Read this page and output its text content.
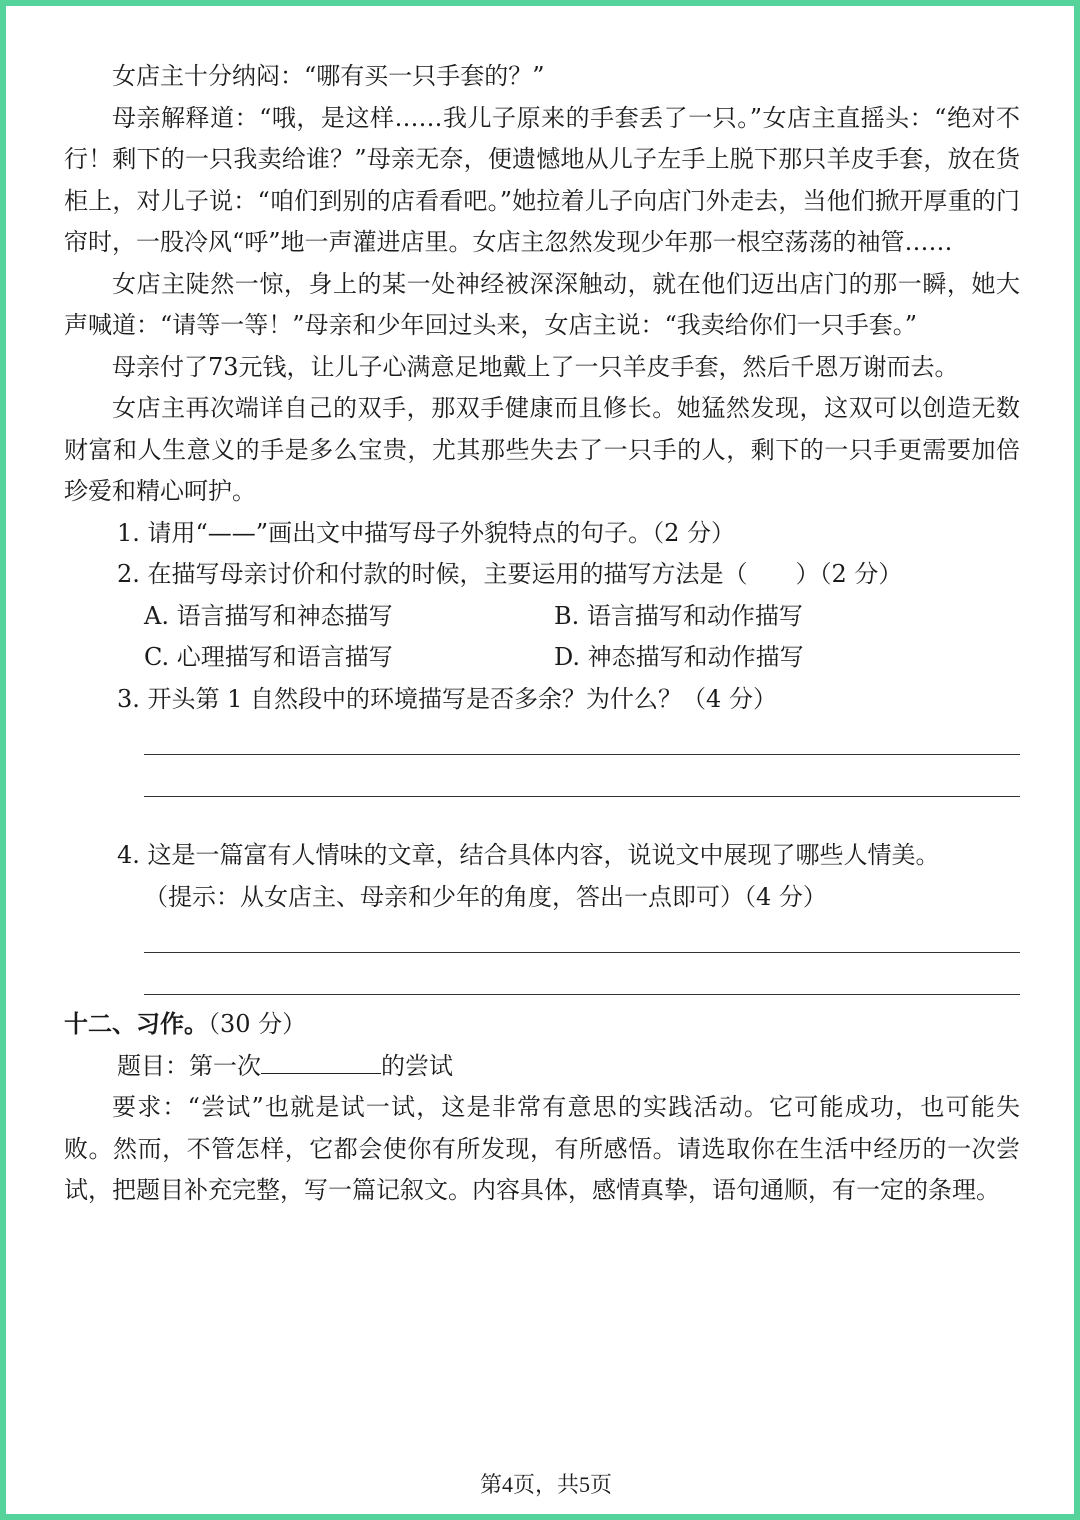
女店主十分纳闷：“哪有买一只手套的？”

母亲解释道：“哦，是这样……我儿子原来的手套丢了一只。”女店主直摇头：“绝对不行！剩下的一只我卖给谁？”母亲无奈，便遗憾地从儿子左手上脱下那只羊皮手套，放在货柜上，对儿子说：“咱们到别的店看看吧。”她拉着儿子向店门外走去，当他们掀开厚重的门帘时，一股冷风“呼”地一声灌进店里。女店主忽然发现少年那一根空荡荡的袖管……

女店主陡然一惊，身上的某一处神经被深深触动，就在他们迈出店门的那一瞬，她大声喊道：“请等一等！”母亲和少年回过头来，女店主说：“我卖给你们一只手套。”

母亲付了73元钱，让儿子心满意足地戴上了一只羊皮手套，然后千恩万谢而去。

女店主再次端详自己的双手，那双手健康而且修长。她猛然发现，这双可以创造无数财富和人生意义的手是多么宝贵，尤其那些失去了一只手的人，剩下的一只手更需要加倍珍爱和精心呵护。

1. 请用“——”画出文中描写母子外貌特点的句子。（2 分）

2. 在描写母亲讨价和付款的时候，主要运用的描写方法是（　　）（2 分）

A. 语言描写和神态描写	B. 语言描写和动作描写
C. 心理描写和语言描写	D. 神态描写和动作描写

3. 开头第 1 自然段中的环境描写是否多余？为什么？（4 分）

4. 这是一篇富有人情味的文章，结合具体内容，说说文中展现了哪些人情美。

（提示：从女店主、母亲和少年的角度，答出一点即可）（4 分）

十二、习作。（30 分）

题目：第一次	的尝试

要求：“尝试”也就是试一试，这是非常有意思的实践活动。它可能成功，也可能失败。然而，不管怎样，它都会使你有所发现，有所感悟。请选取你在生活中经历的一次尝试，把题目补充完整，写一篇记叙文。内容具体，感情真挚，语句通顺，有一定的条理。

第4页，共5页
